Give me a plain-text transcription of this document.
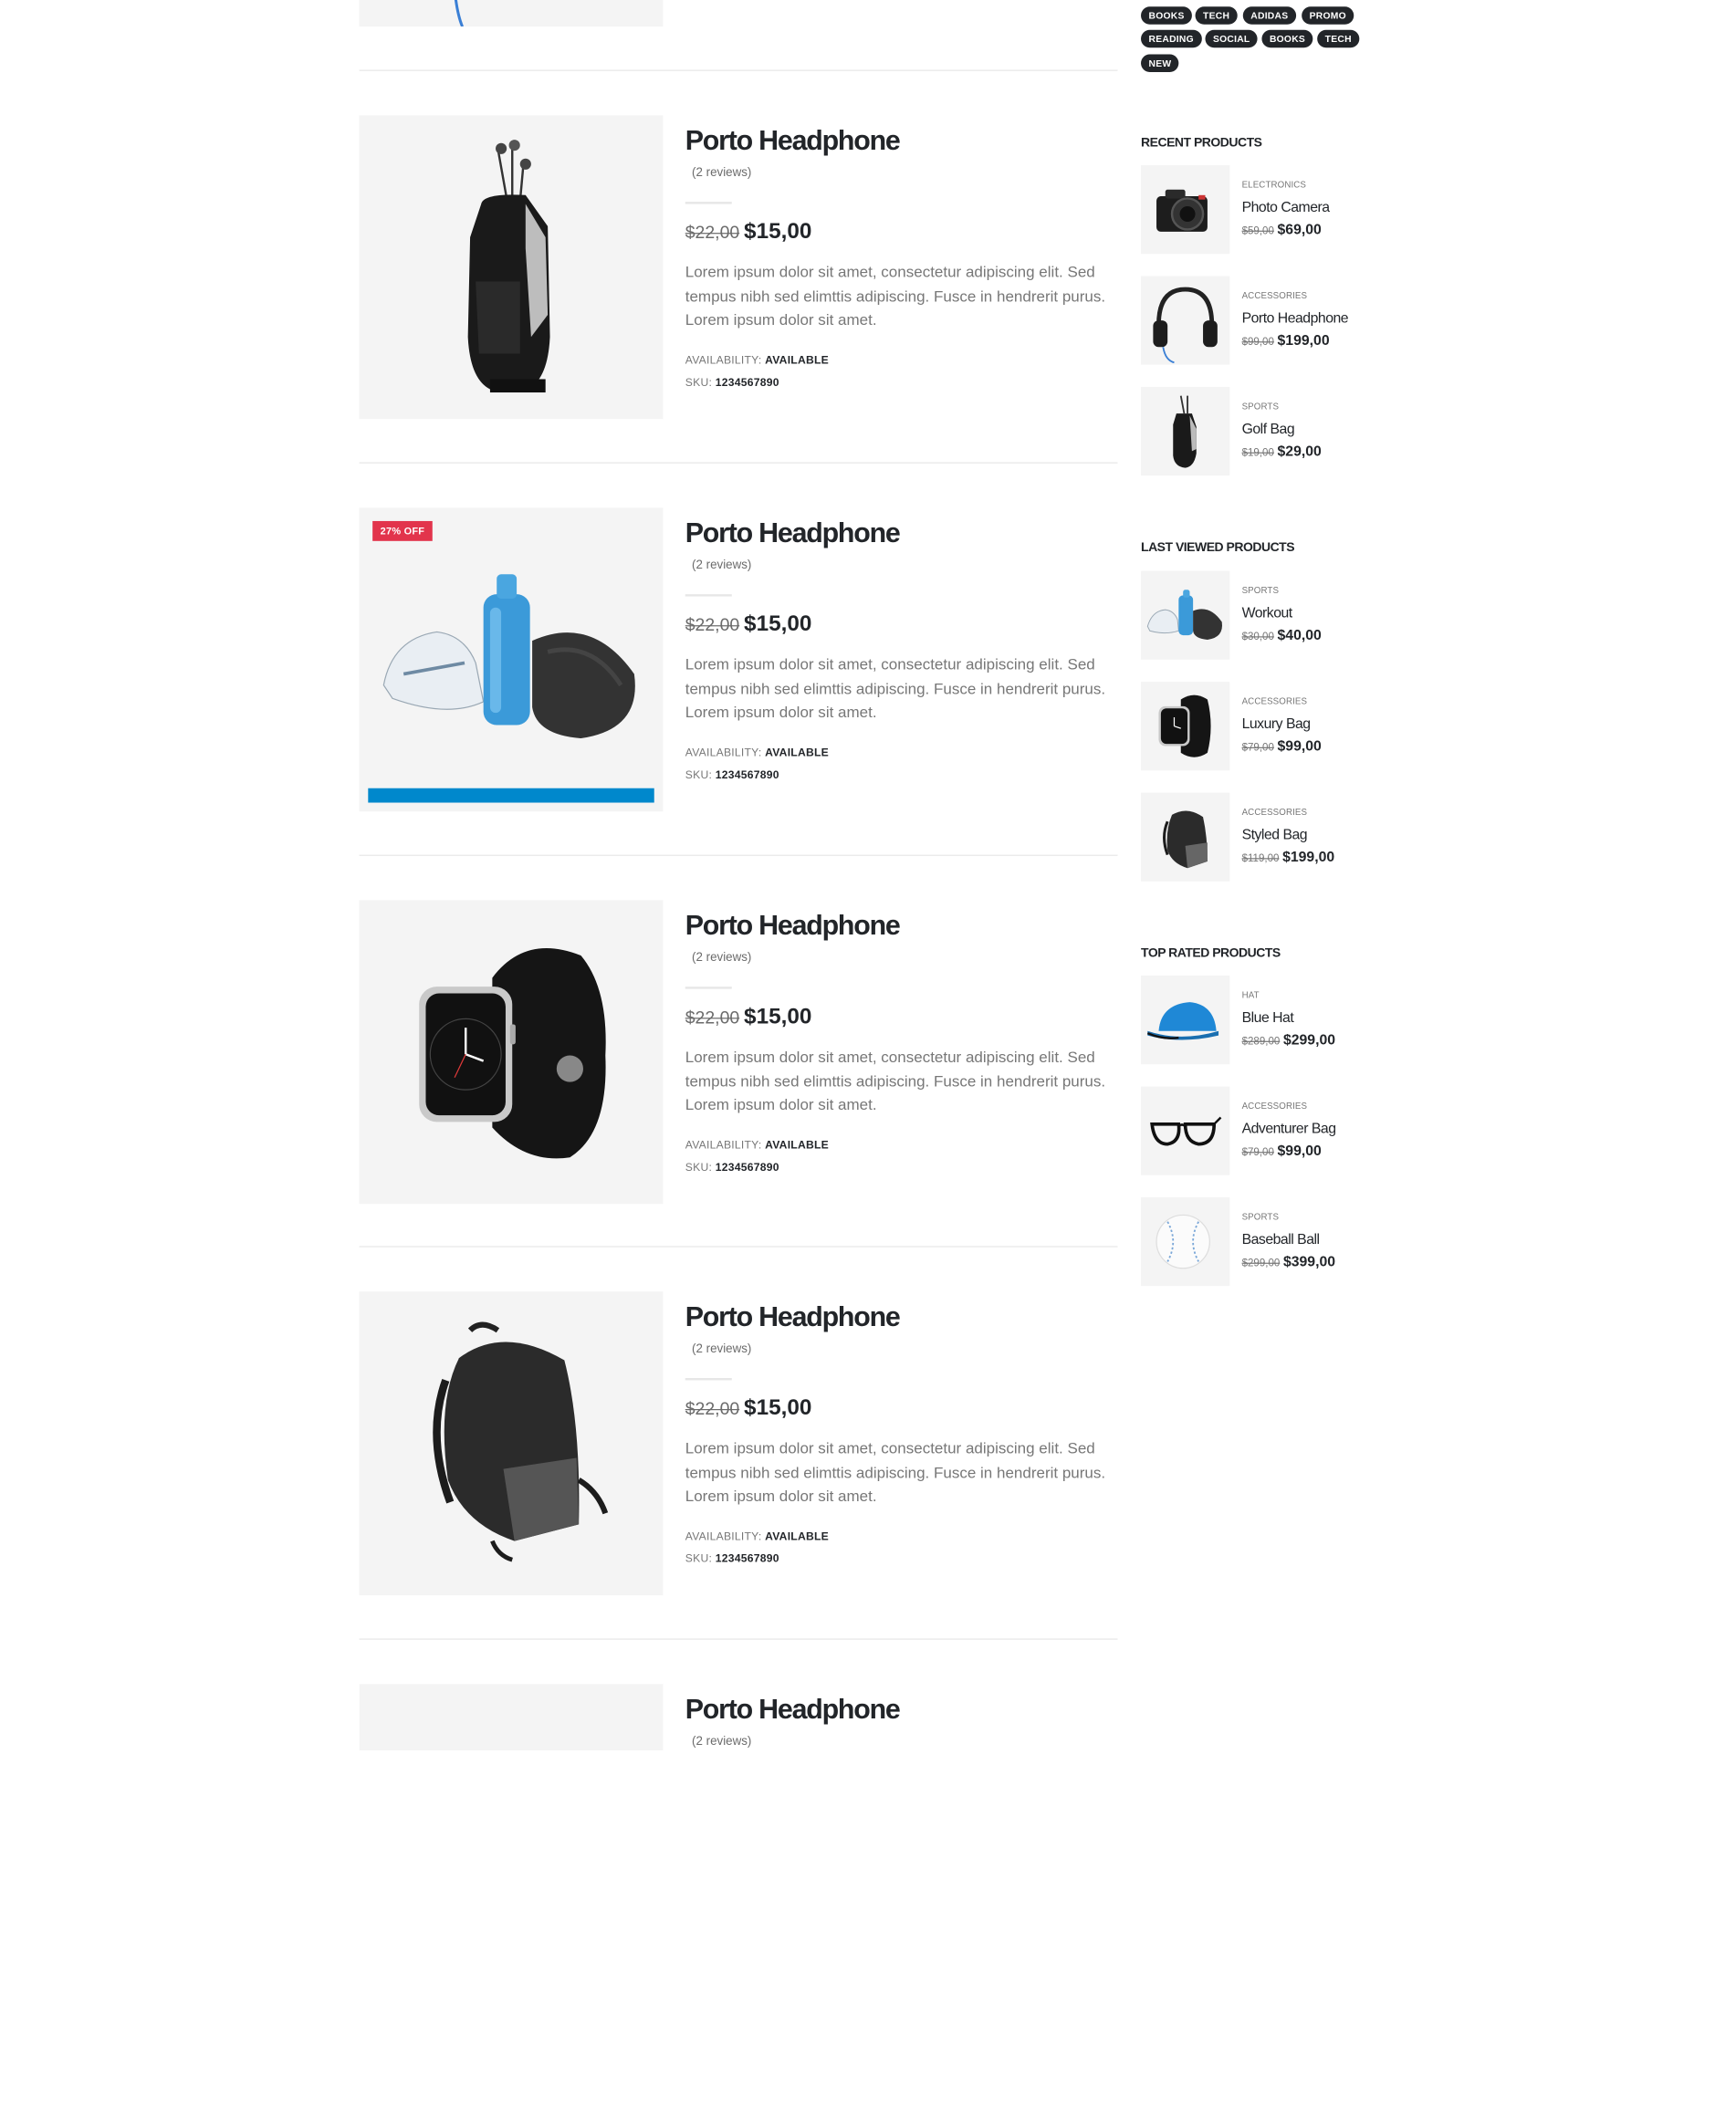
Porto Headphone
(2 reviews)
$22,00 $15,00
Lorem ipsum dolor sit amet, consectetur adipiscing elit. Sed tempus nibh sed elimttis adipiscing. Fusce in hendrerit purus. Lorem ipsum dolor sit amet.
AVAILABILITY: AVAILABLE
SKU: 1234567890
27% OFF	Porto Headphone
(2 reviews)
$22,00 $15,00
Lorem ipsum dolor sit amet, consectetur adipiscing elit. Sed tempus nibh sed elimttis adipiscing. Fusce in hendrerit purus. Lorem ipsum dolor sit amet.
AVAILABILITY: AVAILABLE
SKU: 1234567890
Porto Headphone
(2 reviews)
$22,00 $15,00
Lorem ipsum dolor sit amet, consectetur adipiscing elit. Sed tempus nibh sed elimttis adipiscing. Fusce in hendrerit purus. Lorem ipsum dolor sit amet.
AVAILABILITY: AVAILABLE
SKU: 1234567890
Porto Headphone
(2 reviews)
$22,00 $15,00
Lorem ipsum dolor sit amet, consectetur adipiscing elit. Sed tempus nibh sed elimttis adipiscing. Fusce in hendrerit purus. Lorem ipsum dolor sit amet.
AVAILABILITY: AVAILABLE
SKU: 1234567890
Porto Headphone
(2 reviews)
BOOKS	TECH	ADIDAS	PROMO
READING	SOCIAL	BOOKS	TECH
NEW
RECENT PRODUCTS
ELECTRONICS
Photo Camera
$59,00 $69,00
ACCESSORIES
Porto Headphone
$99,00 $199,00
SPORTS
Golf Bag
$19,00 $29,00
LAST VIEWED PRODUCTS
SPORTS
Workout
$30,00 $40,00
ACCESSORIES
Luxury Bag
$79,00 $99,00
ACCESSORIES
Styled Bag
$119,00 $199,00
TOP RATED PRODUCTS
HAT
Blue Hat
$289,00 $299,00
ACCESSORIES
Adventurer Bag
$79,00 $99,00
SPORTS
Baseball Ball
$299,00 $399,00
